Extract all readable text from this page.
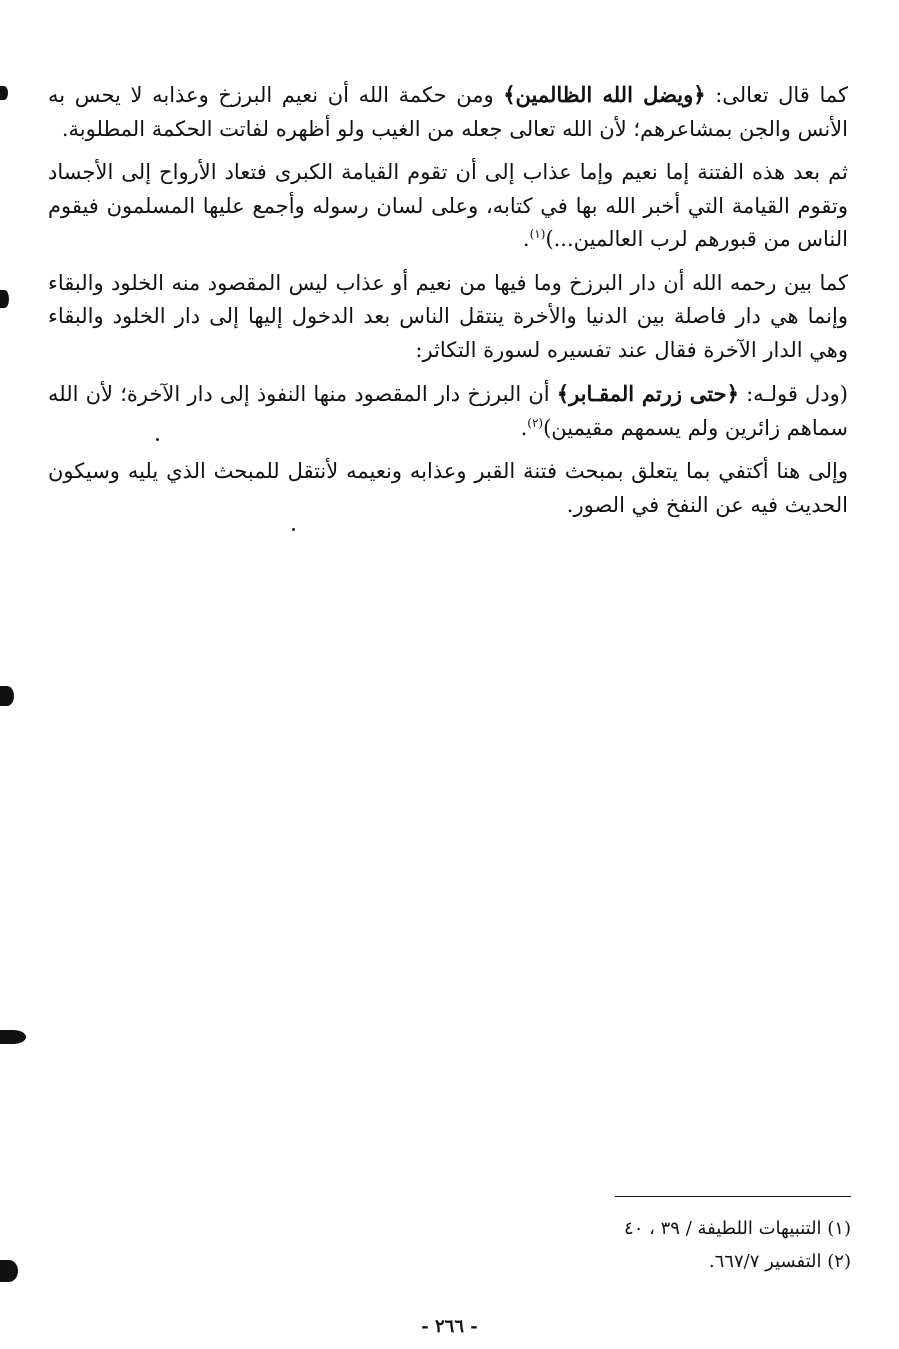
كما قال تعالى: ﴿ويضل الله الظالمين﴾ ومن حكمة الله أن نعيم البرزخ وعذابه لا يحس به الأنس والجن بمشاعرهم؛ لأن الله تعالى جعله من الغيب ولو أظهره لفاتت الحكمة المطلوبة.

ثم بعد هذه الفتنة إما نعيم وإما عذاب إلى أن تقوم القيامة الكبرى فتعاد الأرواح إلى الأجساد وتقوم القيامة التي أخبر الله بها في كتابه، وعلى لسان رسوله وأجمع عليها المسلمون فيقوم الناس من قبورهم لرب العالمين...)$^{(١)}$.

كما بين رحمه الله أن دار البرزخ وما فيها من نعيم أو عذاب ليس المقصود منه الخلود والبقاء وإنما هي دار فاصلة بين الدنيا والأخرة ينتقل الناس بعد الدخول إليها إلى دار الخلود والبقاء وهي الدار الآخرة فقال عند تفسيره لسورة التكاثر:

(ودل قولـه: ﴿حتى زرتم المقـابر﴾ أن البرزخ دار المقصود منها النفوذ إلى دار الآخرة؛ لأن الله سماهم زائرين ولم يسمهم مقيمين)$^{(٢)}$.

وإلى هنا أكتفي بما يتعلق بمبحث فتنة القبر وعذابه ونعيمه لأنتقل للمبحث الذي يليه وسيكون الحديث فيه عن النفخ في الصور.

(١) التنبيهات اللطيفة / ٣٩ ، ٤٠

(٢) التفسير ٦٦٧/٧.

- ٢٦٦ -
